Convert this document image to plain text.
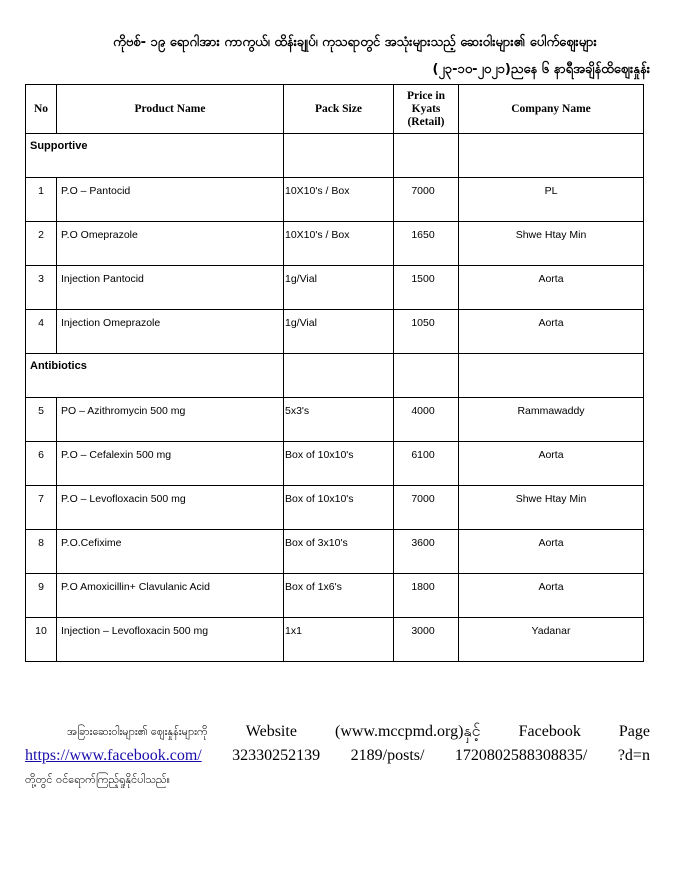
ကိုဗစ်- ၁၉ ရောဂါအား ကာကွယ်၊ ထိန်းချုပ်၊ ကုသရာတွင် အသုံးများသည့် ဆေးဝါးများ၏ ပေါက်ဈေးများ
(၂၃-၁၀-၂၀၂၁)ညနေ ၆ နာရီအချိန်ထိဈေးနှုန်း
No	Product Name	Pack Size	Price in Kyats (Retail)	Company Name

Supportive				

1	P.O – Pantocid	10X10's / Box	7000	PL

2	P.O Omeprazole	10X10's / Box	1650	Shwe Htay Min

3	Injection Pantocid	1g/Vial	1500	Aorta

4	Injection Omeprazole	1g/Vial	1050	Aorta

Antibiotics				

5	PO – Azithromycin 500 mg	5x3's	4000	Rammawaddy

6	P.O – Cefalexin 500 mg	Box of 10x10's	6100	Aorta

7	P.O – Levofloxacin 500 mg	Box of 10x10's	7000	Shwe Htay Min

8	P.O.Cefixime	Box of 3x10's	3600	Aorta

9	P.O Amoxicillin+ Clavulanic Acid	Box of 1x6's	1800	Aorta

10	Injection – Levofloxacin 500 mg	1x1	3000	Yadanar
အခြားဆေးဝါးများ၏ ဈေးနှုန်းများကို Website (www.mccpmd.org)နှင့် Facebook Page
https://www.facebook.com/ 32330252139 2189/posts/ 1720802588308835/ ?d=n
တို့တွင် ဝင်ရောက်ကြည့်ရှုနိုင်ပါသည်။
